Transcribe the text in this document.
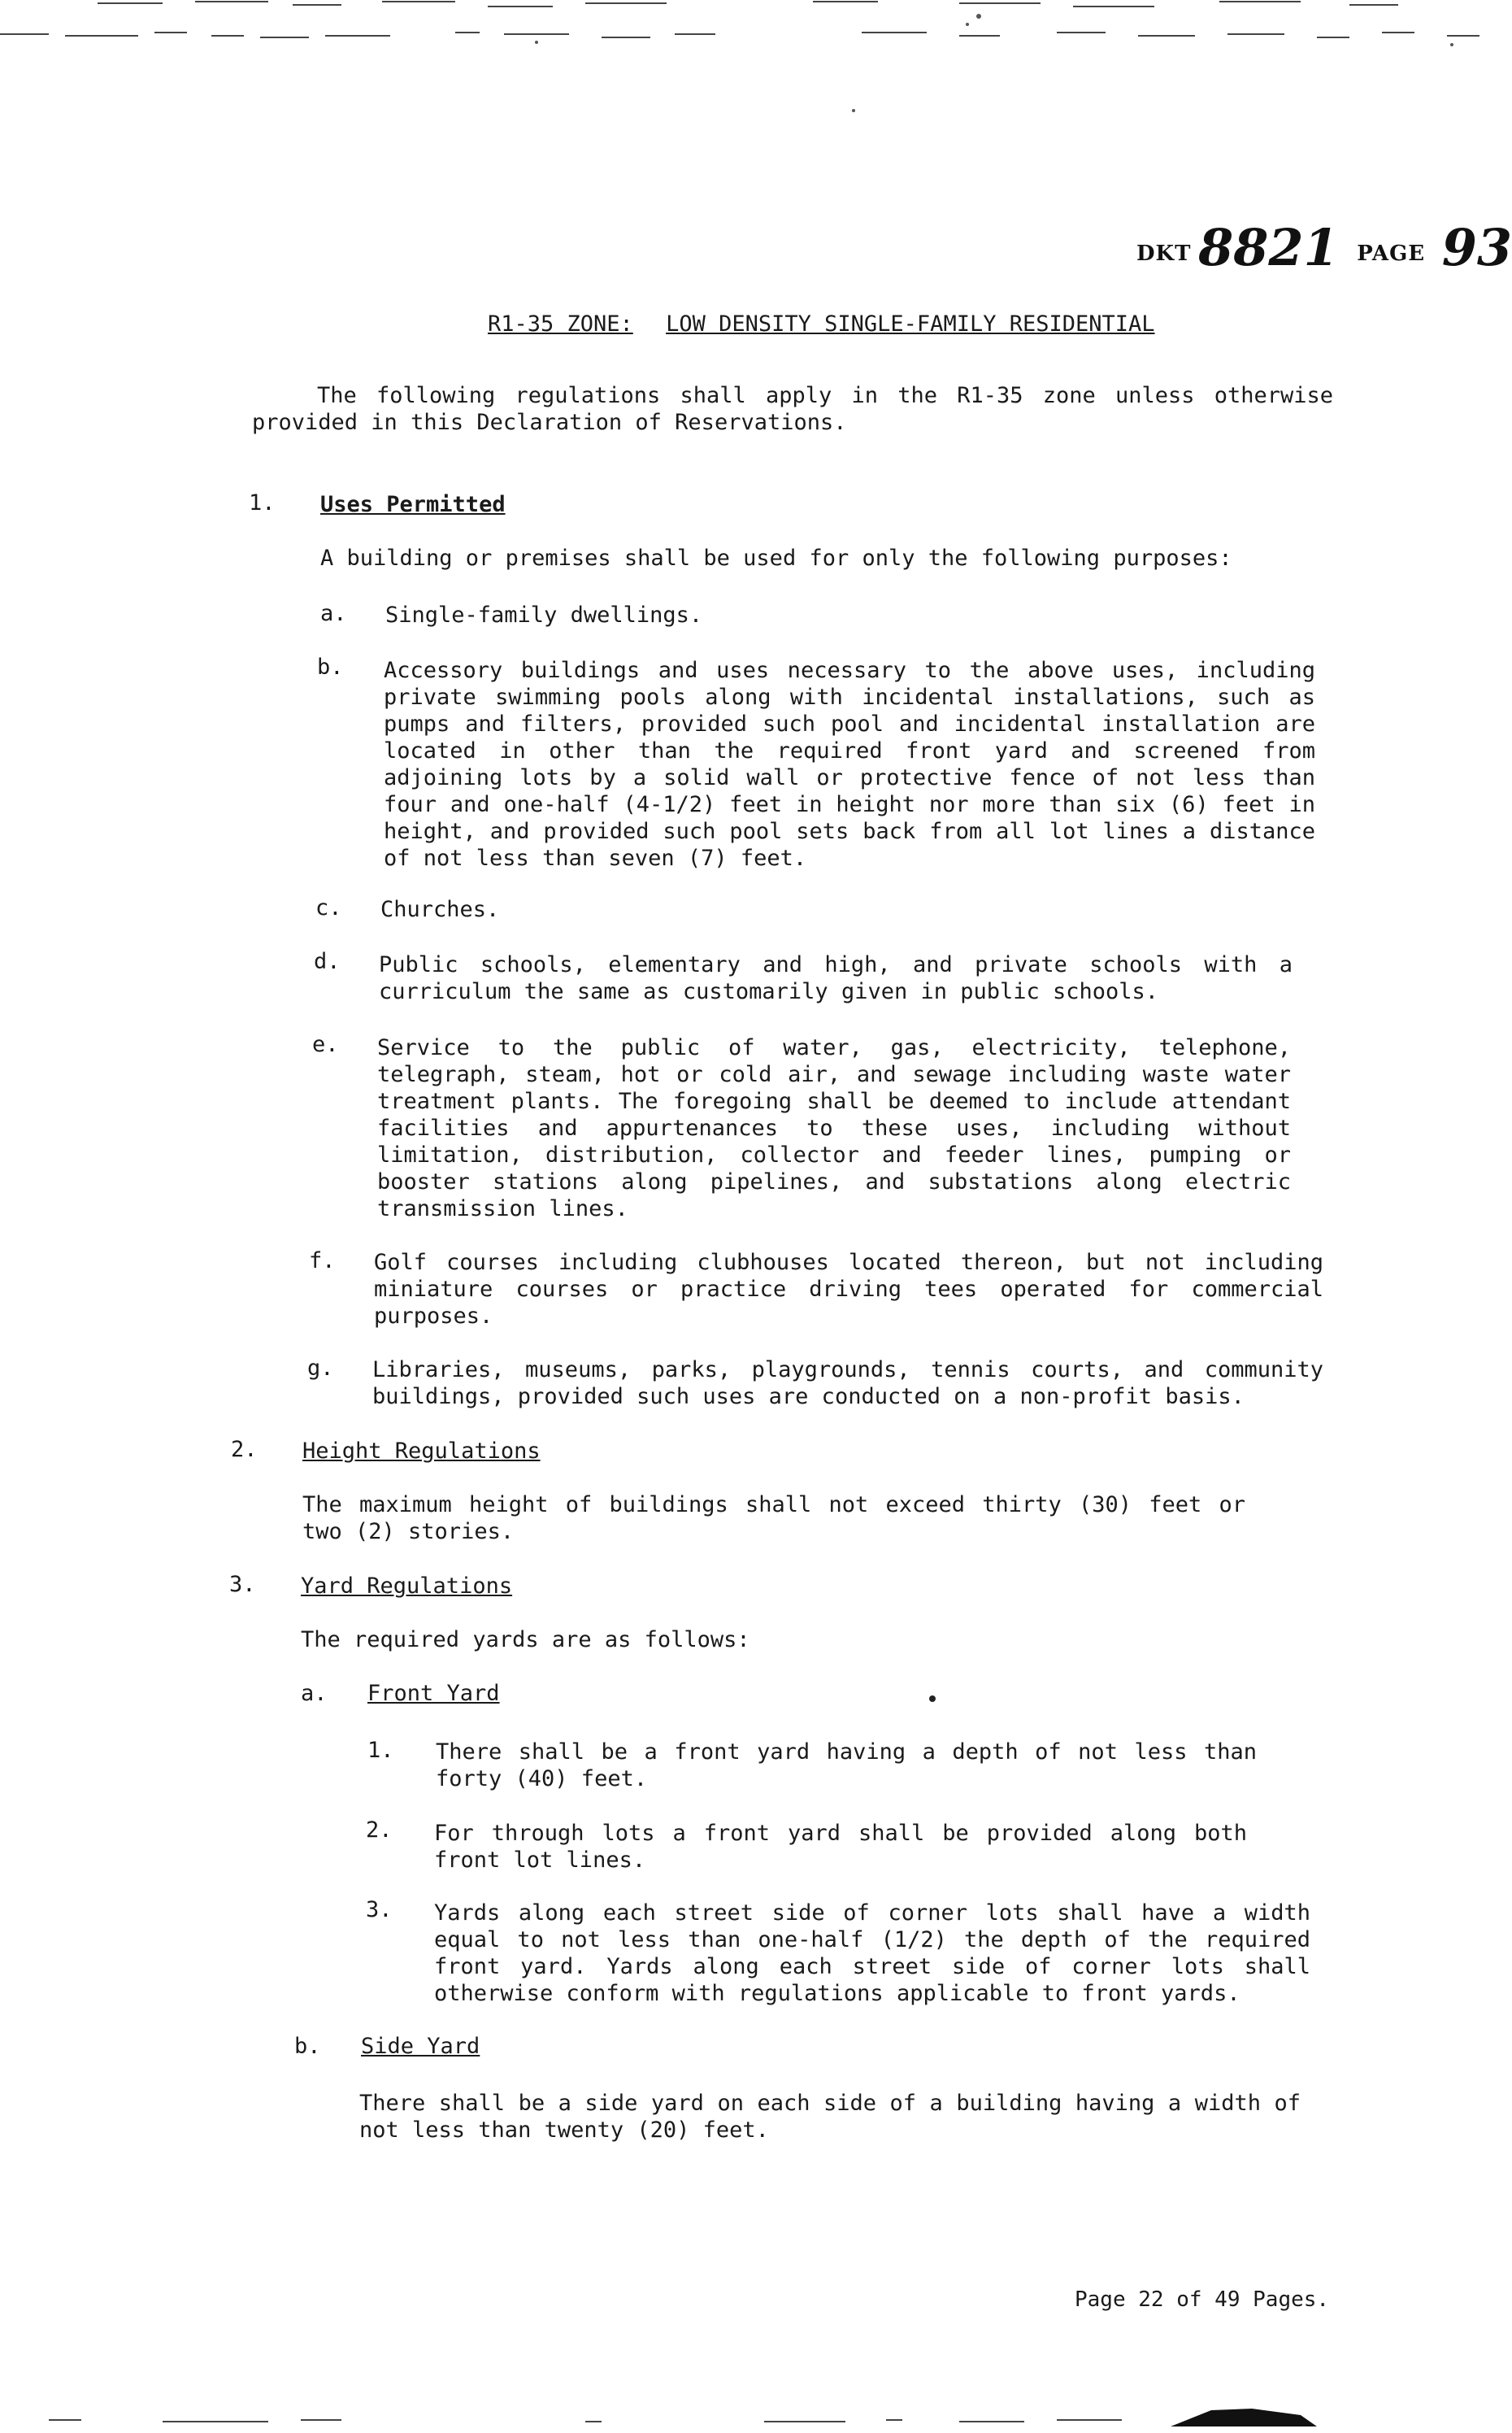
DKT 8821 PAGE 93
R1-35 ZONE: LOW DENSITY SINGLE-FAMILY RESIDENTIAL
The following regulations shall apply in the R1-35 zone unless otherwise provided in this Declaration of Reservations.
1. Uses Permitted
A building or premises shall be used for only the following purposes:
a. Single-family dwellings.
b. Accessory buildings and uses necessary to the above uses, including private swimming pools along with incidental installations, such as pumps and filters, provided such pool and incidental installation are located in other than the required front yard and screened from adjoining lots by a solid wall or protective fence of not less than four and one-half (4-1/2) feet in height nor more than six (6) feet in height, and provided such pool sets back from all lot lines a distance of not less than seven (7) feet.
c. Churches.
d. Public schools, elementary and high, and private schools with a curriculum the same as customarily given in public schools.
e. Service to the public of water, gas, electricity, telephone, telegraph, steam, hot or cold air, and sewage including waste water treatment plants. The foregoing shall be deemed to include attendant facilities and appurtenances to these uses, including without limitation, distribution, collector and feeder lines, pumping or booster stations along pipelines, and substations along electric transmission lines.
f. Golf courses including clubhouses located thereon, but not including miniature courses or practice driving tees operated for commercial purposes.
g. Libraries, museums, parks, playgrounds, tennis courts, and community buildings, provided such uses are conducted on a non-profit basis.
2. Height Regulations
The maximum height of buildings shall not exceed thirty (30) feet or two (2) stories.
3. Yard Regulations
The required yards are as follows:
a. Front Yard
1. There shall be a front yard having a depth of not less than forty (40) feet.
2. For through lots a front yard shall be provided along both front lot lines.
3. Yards along each street side of corner lots shall have a width equal to not less than one-half (1/2) the depth of the required front yard. Yards along each street side of corner lots shall otherwise conform with regulations applicable to front yards.
b. Side Yard
There shall be a side yard on each side of a building having a width of not less than twenty (20) feet.
Page 22 of 49 Pages.
